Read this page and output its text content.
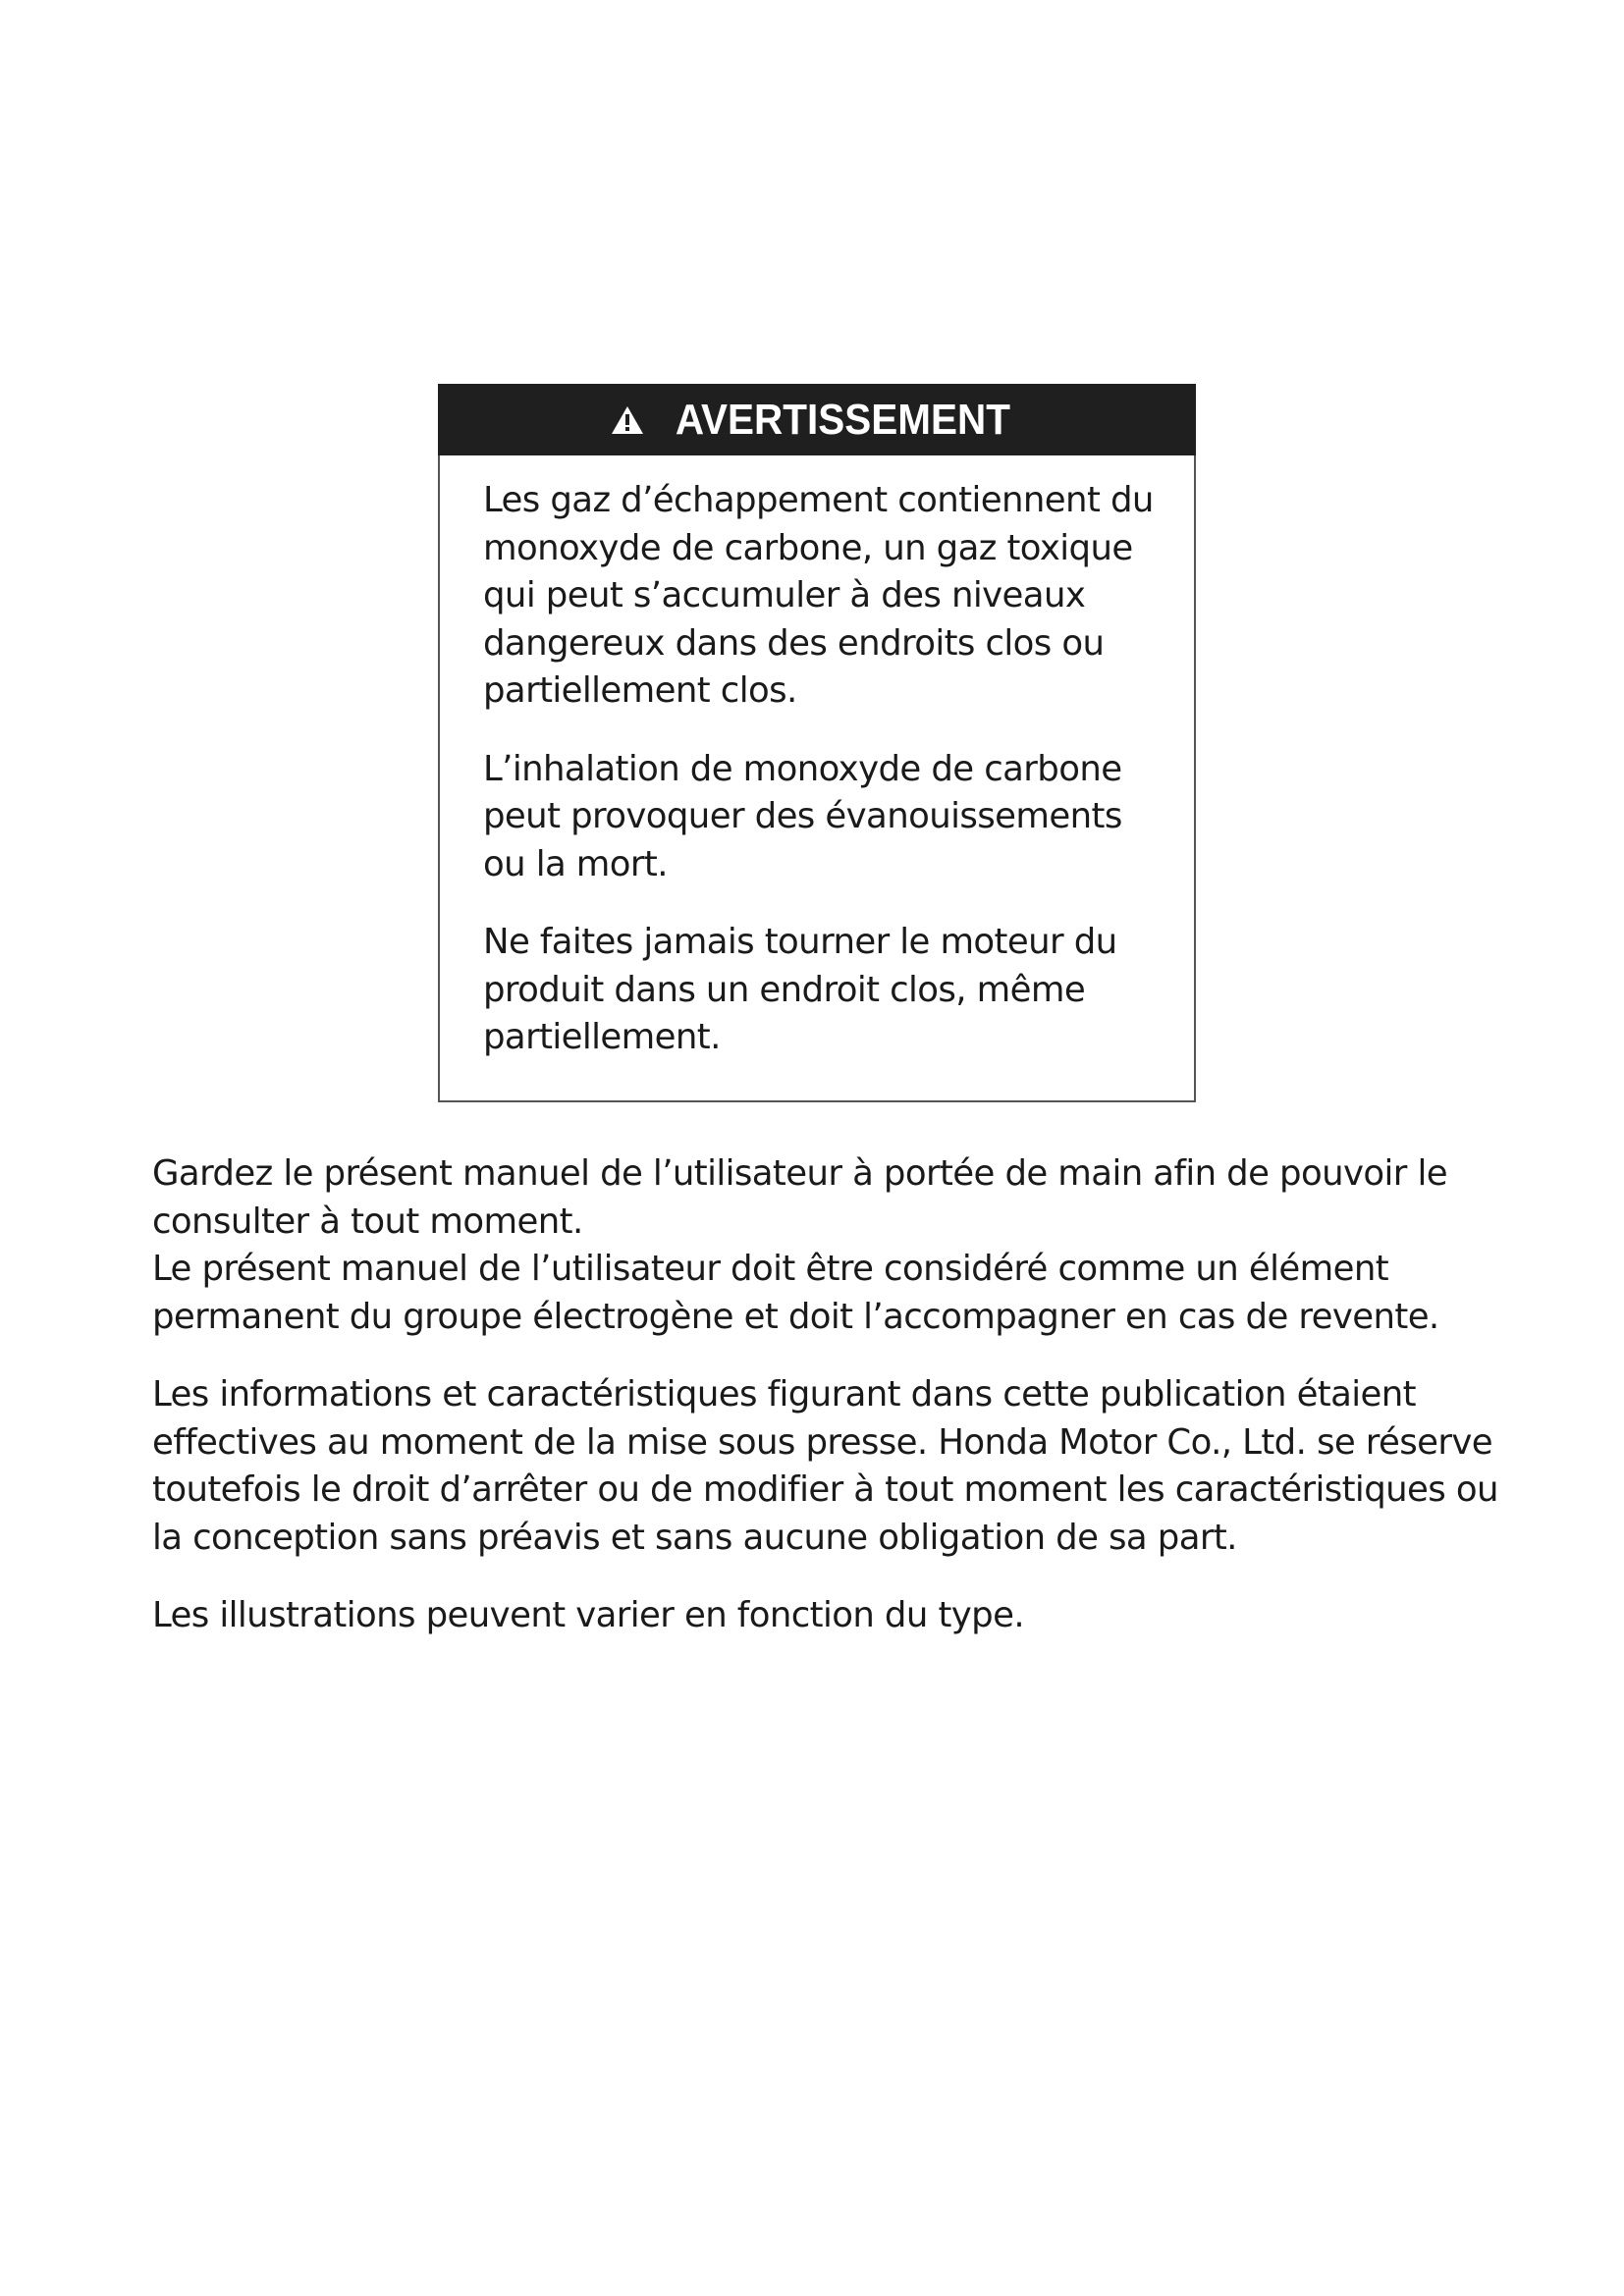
AVERTISSEMENT

Les gaz d’échappement contiennent du
monoxyde de carbone, un gaz toxique
qui peut s’accumuler à des niveaux
dangereux dans des endroits clos ou
partiellement clos.

L’inhalation de monoxyde de carbone
peut provoquer des évanouissements
ou la mort.

Ne faites jamais tourner le moteur du
produit dans un endroit clos, même
partiellement.

Gardez le présent manuel de l’utilisateur à portée de main afin de pouvoir le
consulter à tout moment.
Le présent manuel de l’utilisateur doit être considéré comme un élément
permanent du groupe électrogène et doit l’accompagner en cas de revente.

Les informations et caractéristiques figurant dans cette publication étaient
effectives au moment de la mise sous presse. Honda Motor Co., Ltd. se réserve
toutefois le droit d’arrêter ou de modifier à tout moment les caractéristiques ou
la conception sans préavis et sans aucune obligation de sa part.

Les illustrations peuvent varier en fonction du type.
